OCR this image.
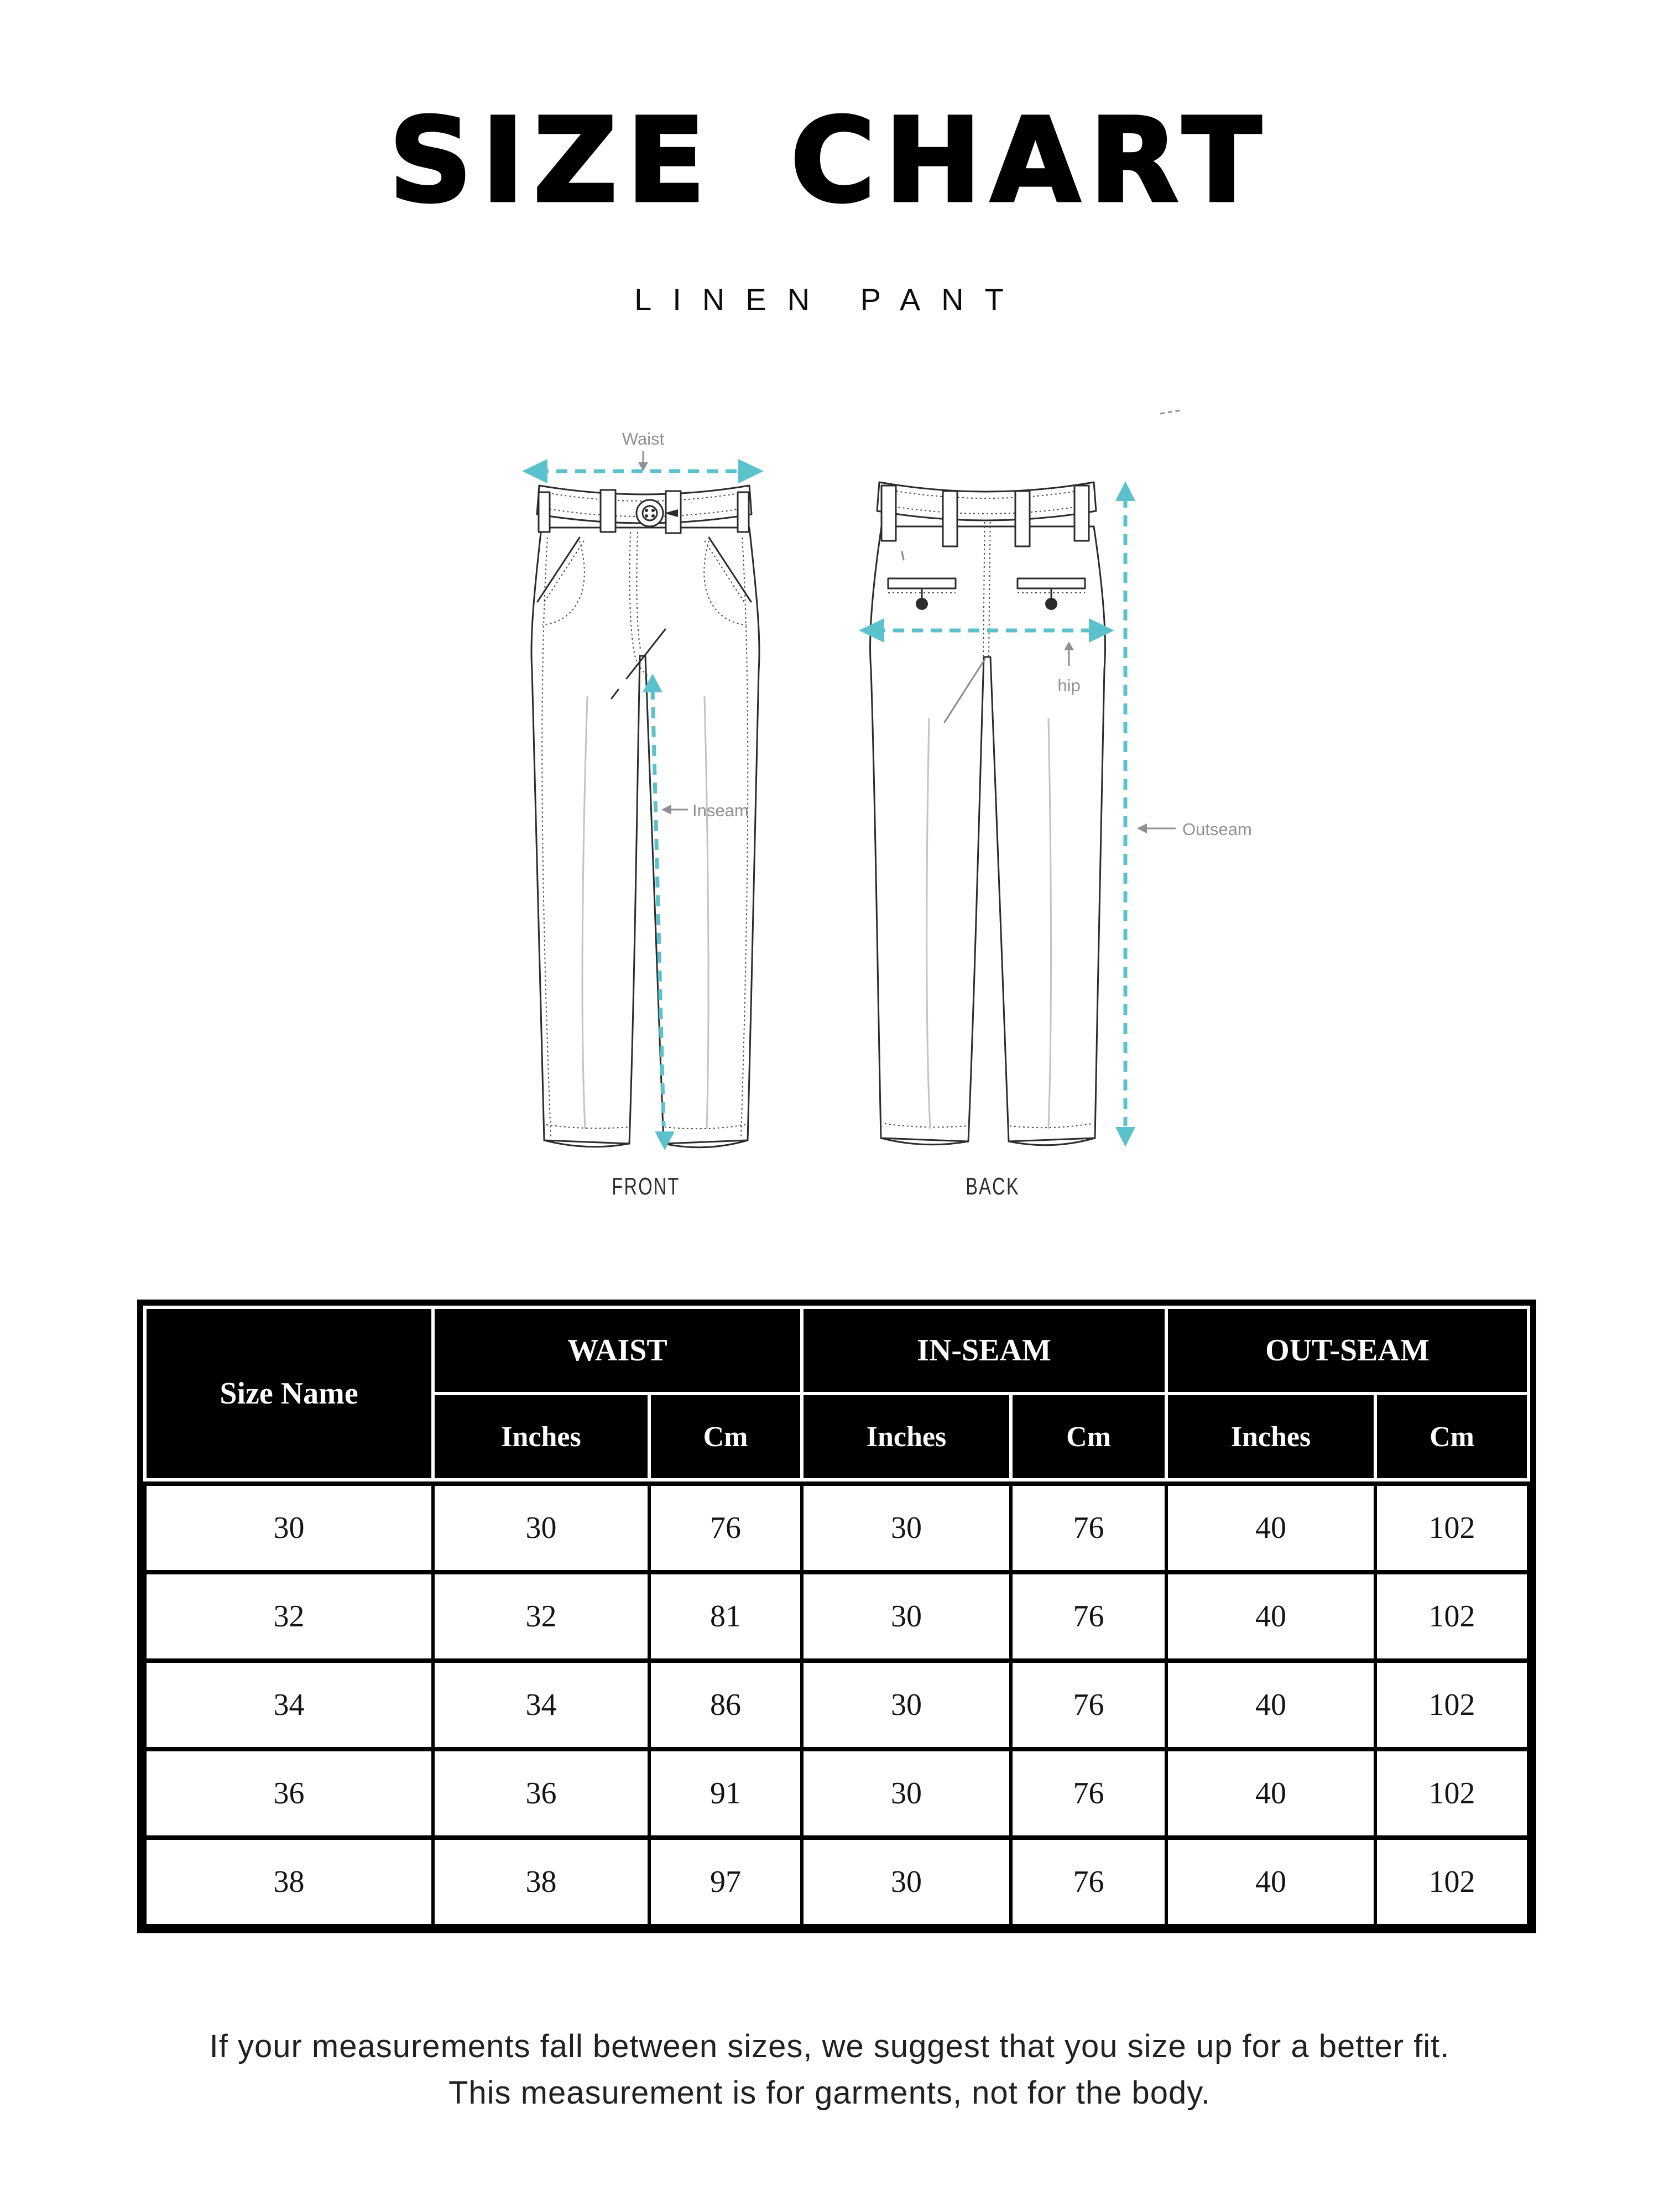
SIZE CHART
LINEN PANT
Waist
Inseam
hip
Outseam
FRONT	BACK
Size Name
WAIST	IN-SEAM	OUT-SEAM
Inches	Cm	Inches	Cm	Inches	Cm
30	30	76	30	76	40	102
32	32	81	30	76	40	102
34	34	86	30	76	40	102
36	36	91	30	76	40	102
38	38	97	30	76	40	102
If your measurements fall between sizes, we suggest that you size up for a better fit.
This measurement is for garments, not for the body.
